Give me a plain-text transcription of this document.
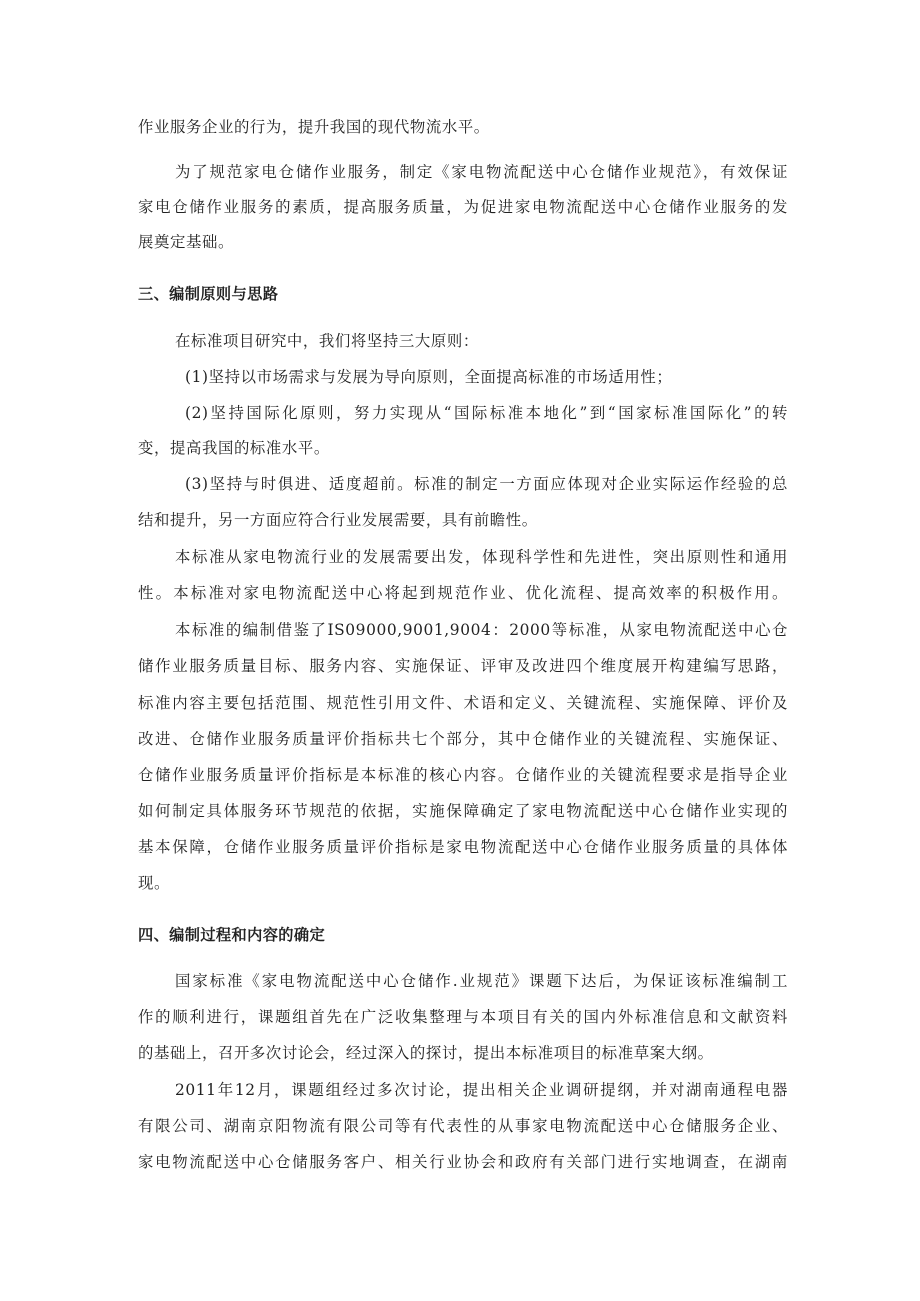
作业服务企业的行为，提升我国的现代物流水平。
为了规范家电仓储作业服务，制定《家电物流配送中心仓储作业规范》，有效保证
家电仓储作业服务的素质，提高服务质量，为促进家电物流配送中心仓储作业服务的发
展奠定基础。
三、编制原则与思路
在标准项目研究中，我们将坚持三大原则：
(1)坚持以市场需求与发展为导向原则，全面提高标准的市场适用性；
(2)坚持国际化原则，努力实现从“国际标准本地化”到“国家标准国际化”的转
变，提高我国的标准水平。
(3)坚持与时俱进、适度超前。标准的制定一方面应体现对企业实际运作经验的总
结和提升，另一方面应符合行业发展需要，具有前瞻性。
本标准从家电物流行业的发展需要出发，体现科学性和先进性，突出原则性和通用
性。本标准对家电物流配送中心将起到规范作业、优化流程、提高效率的积极作用。
本标准的编制借鉴了IS09000,9001,9004：2000等标准，从家电物流配送中心仓
储作业服务质量目标、服务内容、实施保证、评审及改进四个维度展开构建编写思路，
标准内容主要包括范围、规范性引用文件、术语和定义、关键流程、实施保障、评价及
改进、仓储作业服务质量评价指标共七个部分，其中仓储作业的关键流程、实施保证、
仓储作业服务质量评价指标是本标准的核心内容。仓储作业的关键流程要求是指导企业
如何制定具体服务环节规范的依据，实施保障确定了家电物流配送中心仓储作业实现的
基本保障，仓储作业服务质量评价指标是家电物流配送中心仓储作业服务质量的具体体
现。
四、编制过程和内容的确定
国家标准《家电物流配送中心仓储作.业规范》课题下达后，为保证该标准编制工
作的顺利进行，课题组首先在广泛收集整理与本项目有关的国内外标准信息和文献资料
的基础上，召开多次讨论会，经过深入的探讨，提出本标准项目的标准草案大纲。
2011年12月，课题组经过多次讨论，提出相关企业调研提纲，并对湖南通程电器
有限公司、湖南京阳物流有限公司等有代表性的从事家电物流配送中心仓储服务企业、
家电物流配送中心仓储服务客户、相关行业协会和政府有关部门进行实地调查，在湖南
